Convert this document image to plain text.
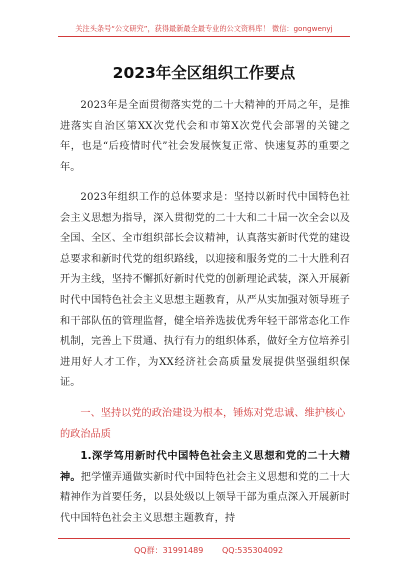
关注头条号“公文研究”，获得最新最全最专业的公文资料库！ 微信：gongwenyj
2023年全区组织工作要点

2023年是全面贯彻落实党的二十大精神的开局之年，是推进落实自治区第XX次党代会和市第X次党代会部署的关键之年，也是“后疫情时代”社会发展恢复正常、快速复苏的重要之年。

2023年组织工作的总体要求是：坚持以新时代中国特色社会主义思想为指导，深入贯彻党的二十大和二十届一次全会以及全国、全区、全市组织部长会议精神，认真落实新时代党的建设总要求和新时代党的组织路线，以迎接和服务党的二十大胜利召开为主线，坚持不懈抓好新时代党的创新理论武装，深入开展新时代中国特色社会主义思想主题教育，从严从实加强对领导班子和干部队伍的管理监督，健全培养选拔优秀年轻干部常态化工作机制，完善上下贯通、执行有力的组织体系，做好全方位培养引进用好人才工作，为XX经济社会高质量发展提供坚强组织保证。

一、坚持以党的政治建设为根本，锤炼对党忠诚、维护核心的政治品质

1.深学笃用新时代中国特色社会主义思想和党的二十大精神。把学懂弄通做实新时代中国特色社会主义思想和党的二十大精神作为首要任务，以县处级以上领导干部为重点深入开展新时代中国特色社会主义思想主题教育，持

QQ群：31991489 QQ:535304092
